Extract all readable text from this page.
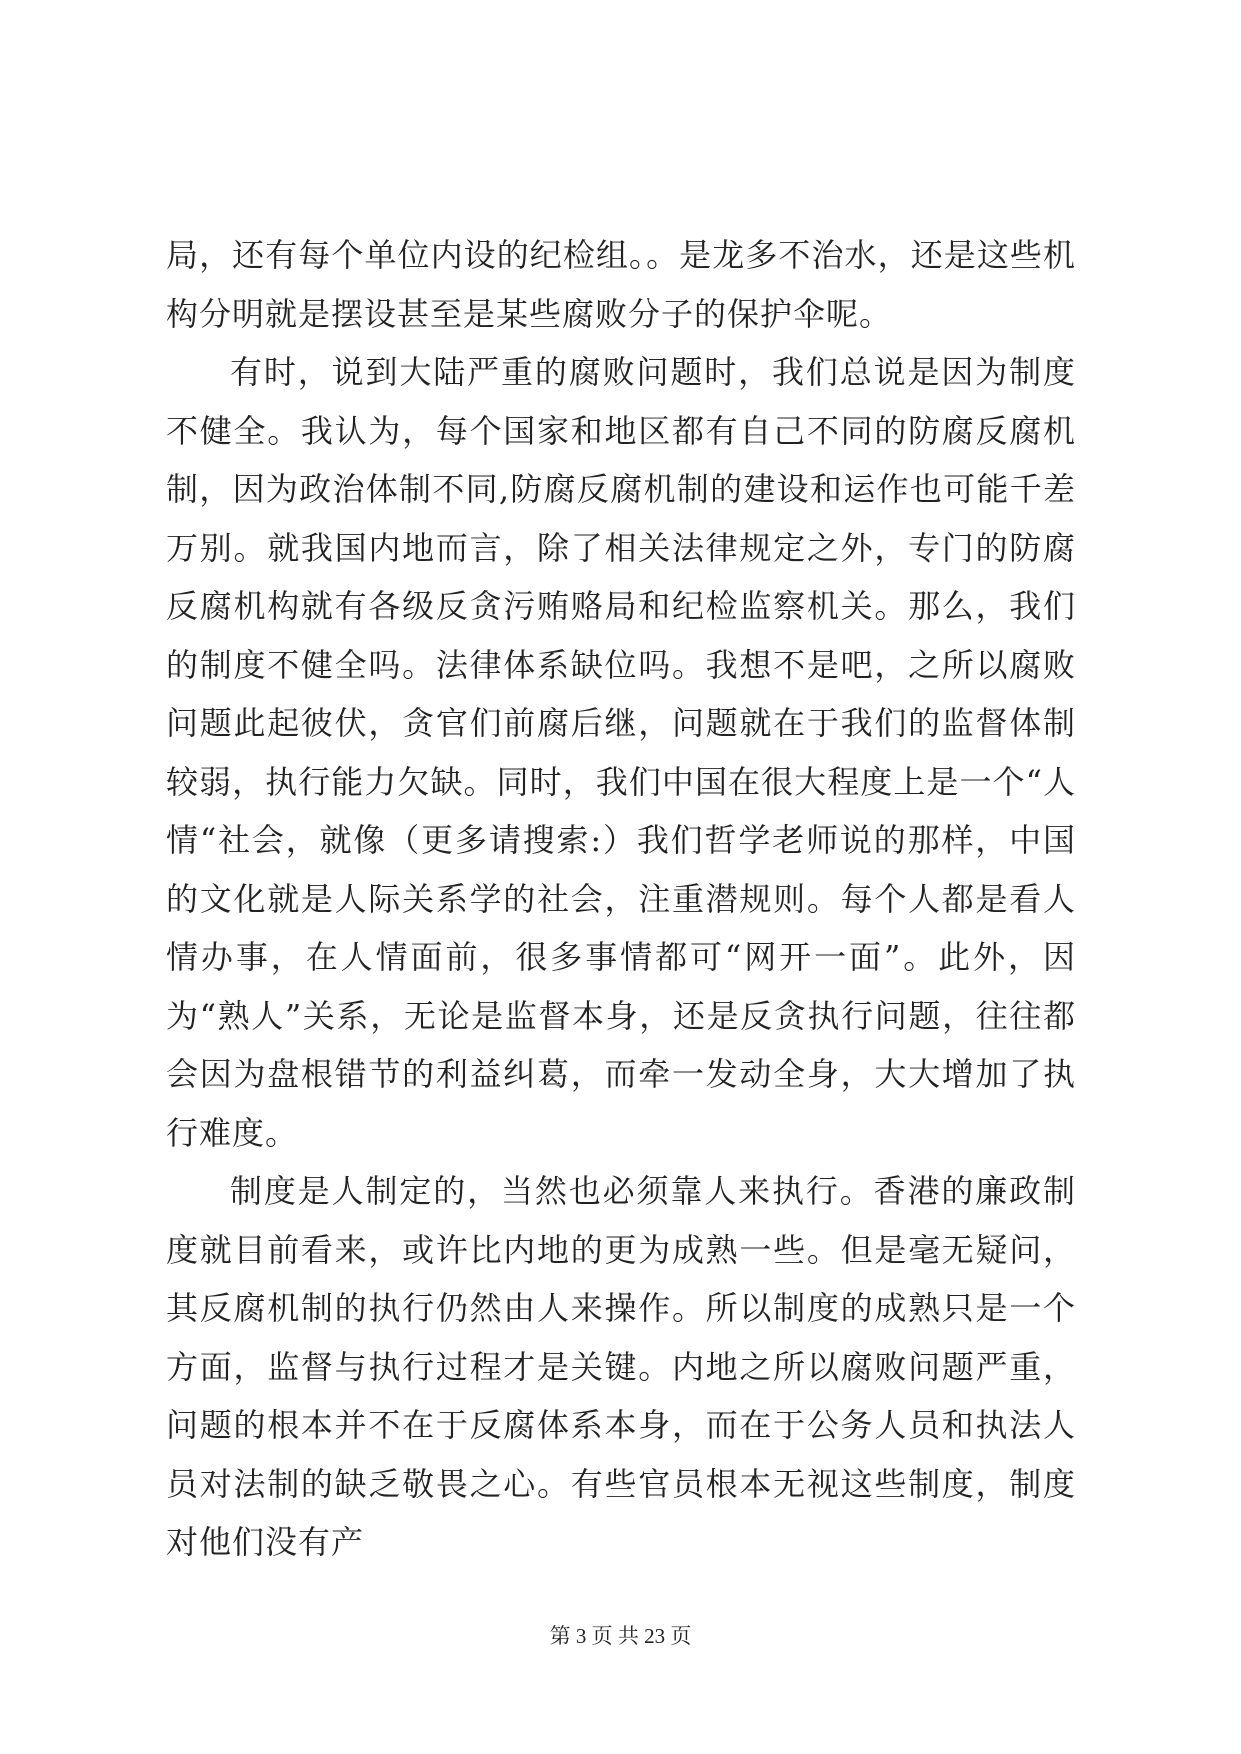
局，还有每个单位内设的纪检组。。是龙多不治水，还是这些机构分明就是摆设甚至是某些腐败分子的保护伞呢。

有时，说到大陆严重的腐败问题时，我们总说是因为制度不健全。我认为，每个国家和地区都有自己不同的防腐反腐机制，因为政治体制不同,防腐反腐机制的建设和运作也可能千差万别。就我国内地而言，除了相关法律规定之外，专门的防腐反腐机构就有各级反贪污贿赂局和纪检监察机关。那么，我们的制度不健全吗。法律体系缺位吗。我想不是吧，之所以腐败问题此起彼伏，贪官们前腐后继，问题就在于我们的监督体制较弱，执行能力欠缺。同时，我们中国在很大程度上是一个“人情“社会，就像（更多请搜索:）我们哲学老师说的那样，中国的文化就是人际关系学的社会，注重潜规则。每个人都是看人情办事，在人情面前，很多事情都可“网开一面”。此外，因为“熟人”关系，无论是监督本身，还是反贪执行问题，往往都会因为盘根错节的利益纠葛，而牵一发动全身，大大增加了执行难度。

制度是人制定的，当然也必须靠人来执行。香港的廉政制度就目前看来，或许比内地的更为成熟一些。但是毫无疑问，其反腐机制的执行仍然由人来操作。所以制度的成熟只是一个方面，监督与执行过程才是关键。内地之所以腐败问题严重，问题的根本并不在于反腐体系本身，而在于公务人员和执法人员对法制的缺乏敬畏之心。有些官员根本无视这些制度，制度对他们没有产

第 3 页 共 23 页
